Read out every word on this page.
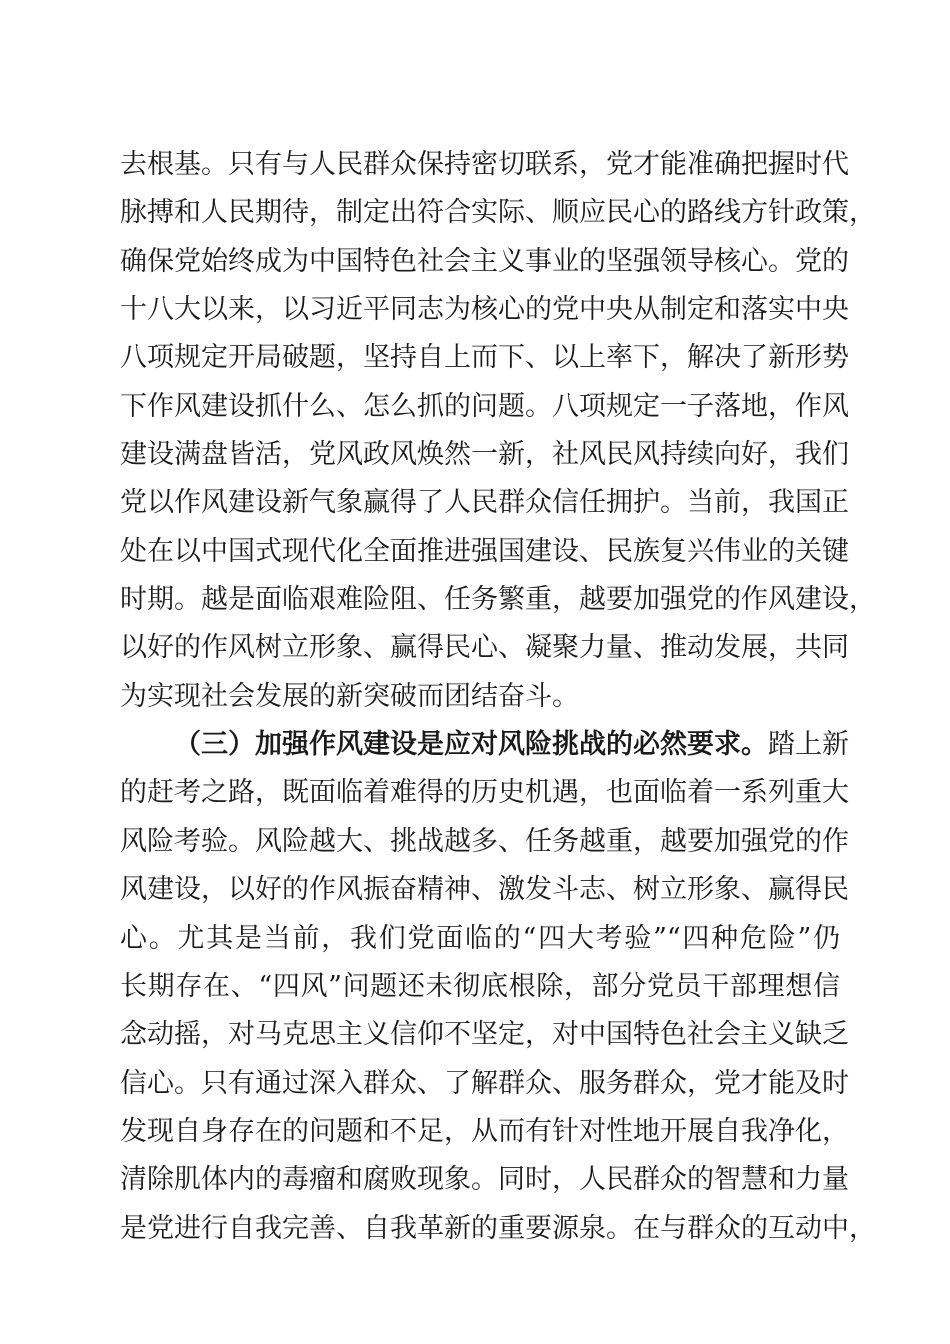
去根基。只有与人民群众保持密切联系，党才能准确把握时代
脉搏和人民期待，制定出符合实际、顺应民心的路线方针政策，
确保党始终成为中国特色社会主义事业的坚强领导核心。党的
十八大以来，以习近平同志为核心的党中央从制定和落实中央
八项规定开局破题，坚持自上而下、以上率下，解决了新形势
下作风建设抓什么、怎么抓的问题。八项规定一子落地，作风
建设满盘皆活，党风政风焕然一新，社风民风持续向好，我们
党以作风建设新气象赢得了人民群众信任拥护。当前，我国正
处在以中国式现代化全面推进强国建设、民族复兴伟业的关键
时期。越是面临艰难险阻、任务繁重，越要加强党的作风建设，
以好的作风树立形象、赢得民心、凝聚力量、推动发展，共同
为实现社会发展的新突破而团结奋斗。
（三）加强作风建设是应对风险挑战的必然要求。踏上新
的赶考之路，既面临着难得的历史机遇，也面临着一系列重大
风险考验。风险越大、挑战越多、任务越重，越要加强党的作
风建设，以好的作风振奋精神、激发斗志、树立形象、赢得民
心。尤其是当前，我们党面临的“四大考验”“四种危险”仍
长期存在、“四风”问题还未彻底根除，部分党员干部理想信
念动摇，对马克思主义信仰不坚定，对中国特色社会主义缺乏
信心。只有通过深入群众、了解群众、服务群众，党才能及时
发现自身存在的问题和不足，从而有针对性地开展自我净化，
清除肌体内的毒瘤和腐败现象。同时，人民群众的智慧和力量
是党进行自我完善、自我革新的重要源泉。在与群众的互动中，
